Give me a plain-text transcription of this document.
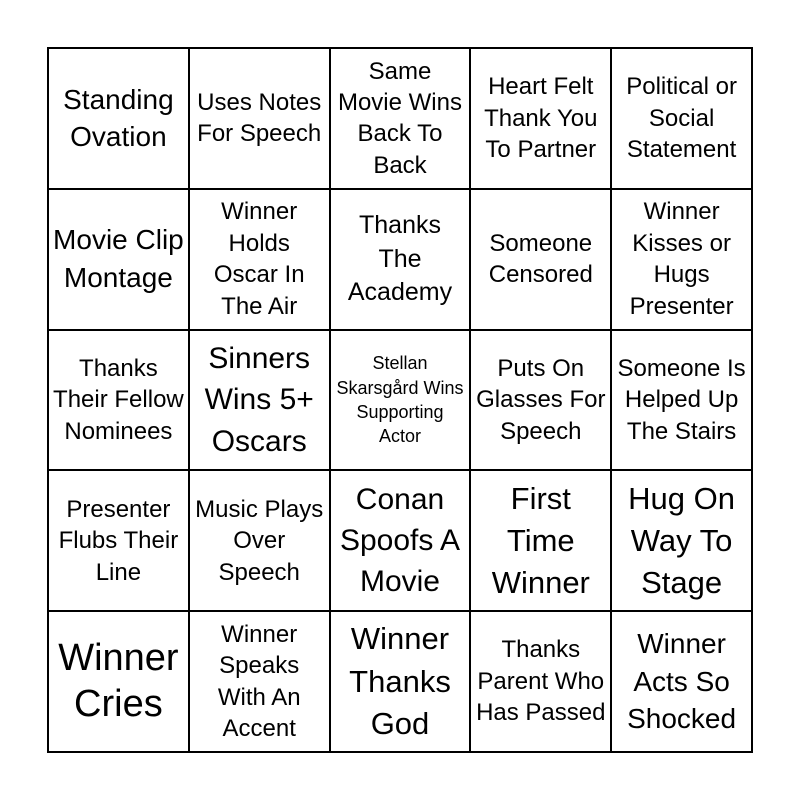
Standing Ovation
Uses Notes For Speech
Same Movie Wins Back To Back
Heart Felt Thank You To Partner
Political or Social Statement
Movie Clip Montage
Winner Holds Oscar In The Air
Thanks The Academy
Someone Censored
Winner Kisses or Hugs Presenter
Thanks Their Fellow Nominees
Sinners Wins 5+ Oscars
Stellan Skarsgård Wins Supporting Actor
Puts On Glasses For Speech
Someone Is Helped Up The Stairs
Presenter Flubs Their Line
Music Plays Over Speech
Conan Spoofs A Movie
First Time Winner
Hug On Way To Stage
Winner Cries
Winner Speaks With An Accent
Winner Thanks God
Thanks Parent Who Has Passed
Winner Acts So Shocked
